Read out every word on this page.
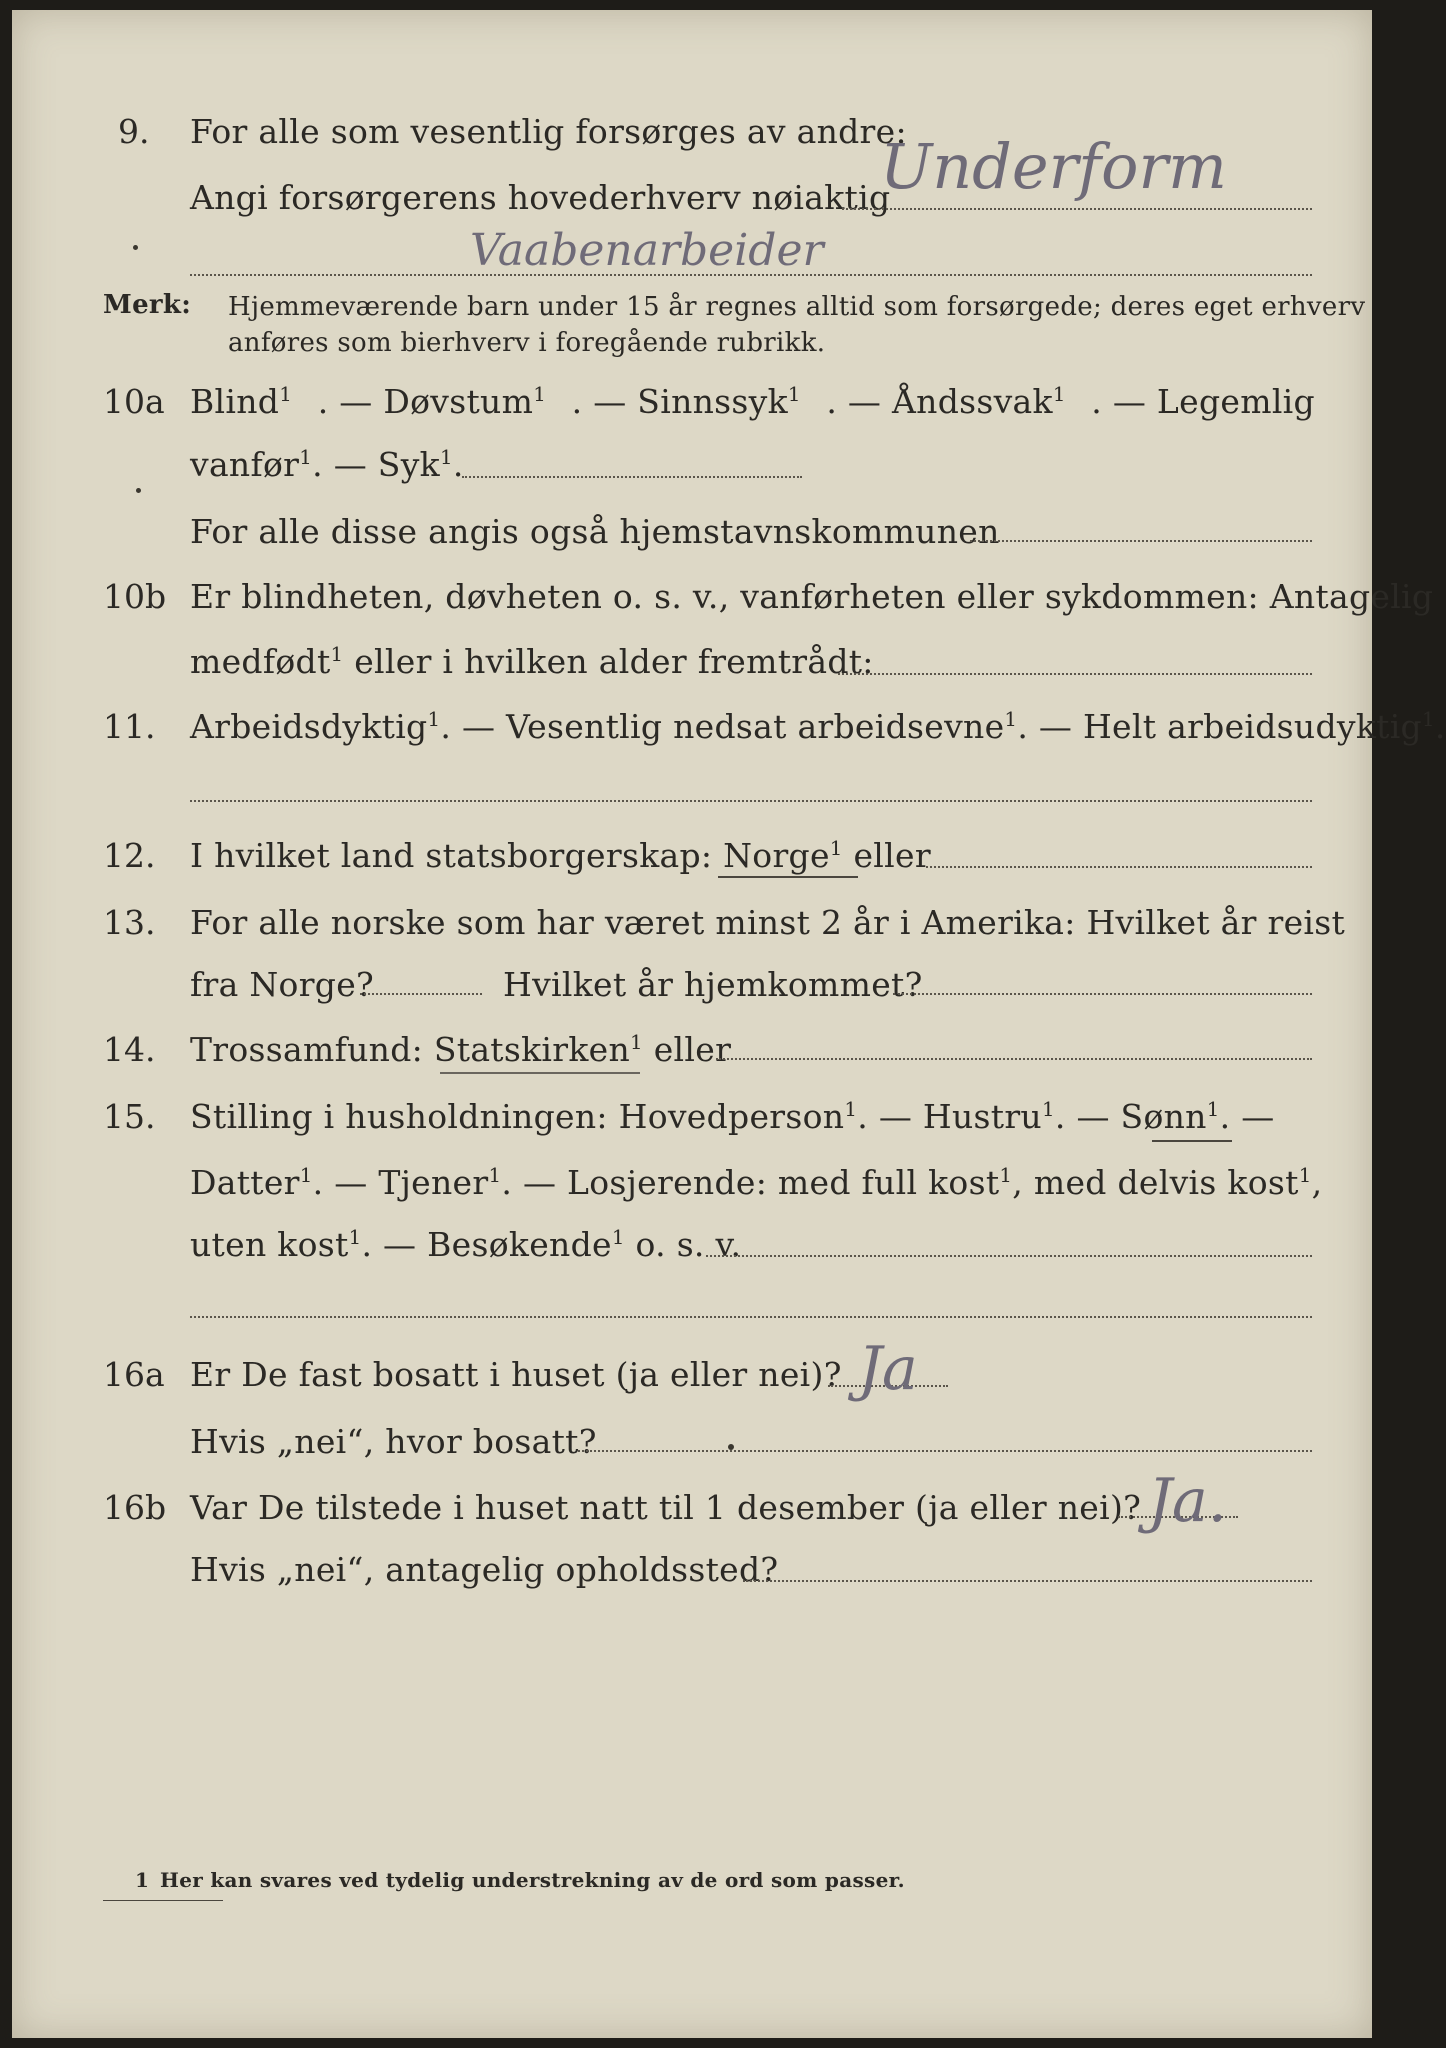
9. For alle som vesentlig forsørges av andre:
Underform
Angi forsørgerens hovederhverv nøiaktig
Vaabenarbeider
Merk: Hjemmeværende barn under 15 år regnes alltid som forsørgede; deres eget erhverv
anføres som bierhverv i foregående rubrikk.
10a Blind$^1$ . — Døvstum$^1$ . — Sinnssyk$^1$ . — Åndssvak$^1$ . — Legemlig
vanfør$^1$. — Syk$^1$.
For alle disse angis også hjemstavnskommunen
10b Er blindheten, døvheten o. s. v., vanførheten eller sykdommen: Antagelig
medfødt$^1$ eller i hvilken alder fremtrådt:
11. Arbeidsdyktig$^1$. — Vesentlig nedsat arbeidsevne$^1$. — Helt arbeidsudyktig$^1$.
12. I hvilket land statsborgerskap: Norge$^1$ eller
13. For alle norske som har været minst 2 år i Amerika: Hvilket år reist
fra Norge?	Hvilket år hjemkommet?
14. Trossamfund: Statskirken$^1$ eller
15. Stilling i husholdningen: Hovedperson$^1$. — Hustru$^1$. — Sønn$^1$. —
Datter$^1$. — Tjener$^1$. — Losjerende: med full kost$^1$, med delvis kost$^1$,
uten kost$^1$. — Besøkende$^1$ o. s. v.
16a Er De fast bosatt i huset (ja eller nei)? Ja
Hvis „nei“, hvor bosatt?
16b Var De tilstede i huset natt til 1 desember (ja eller nei)? Ja.
Hvis „nei“, antagelig opholdssted?
1 Her kan svares ved tydelig understrekning av de ord som passer.
